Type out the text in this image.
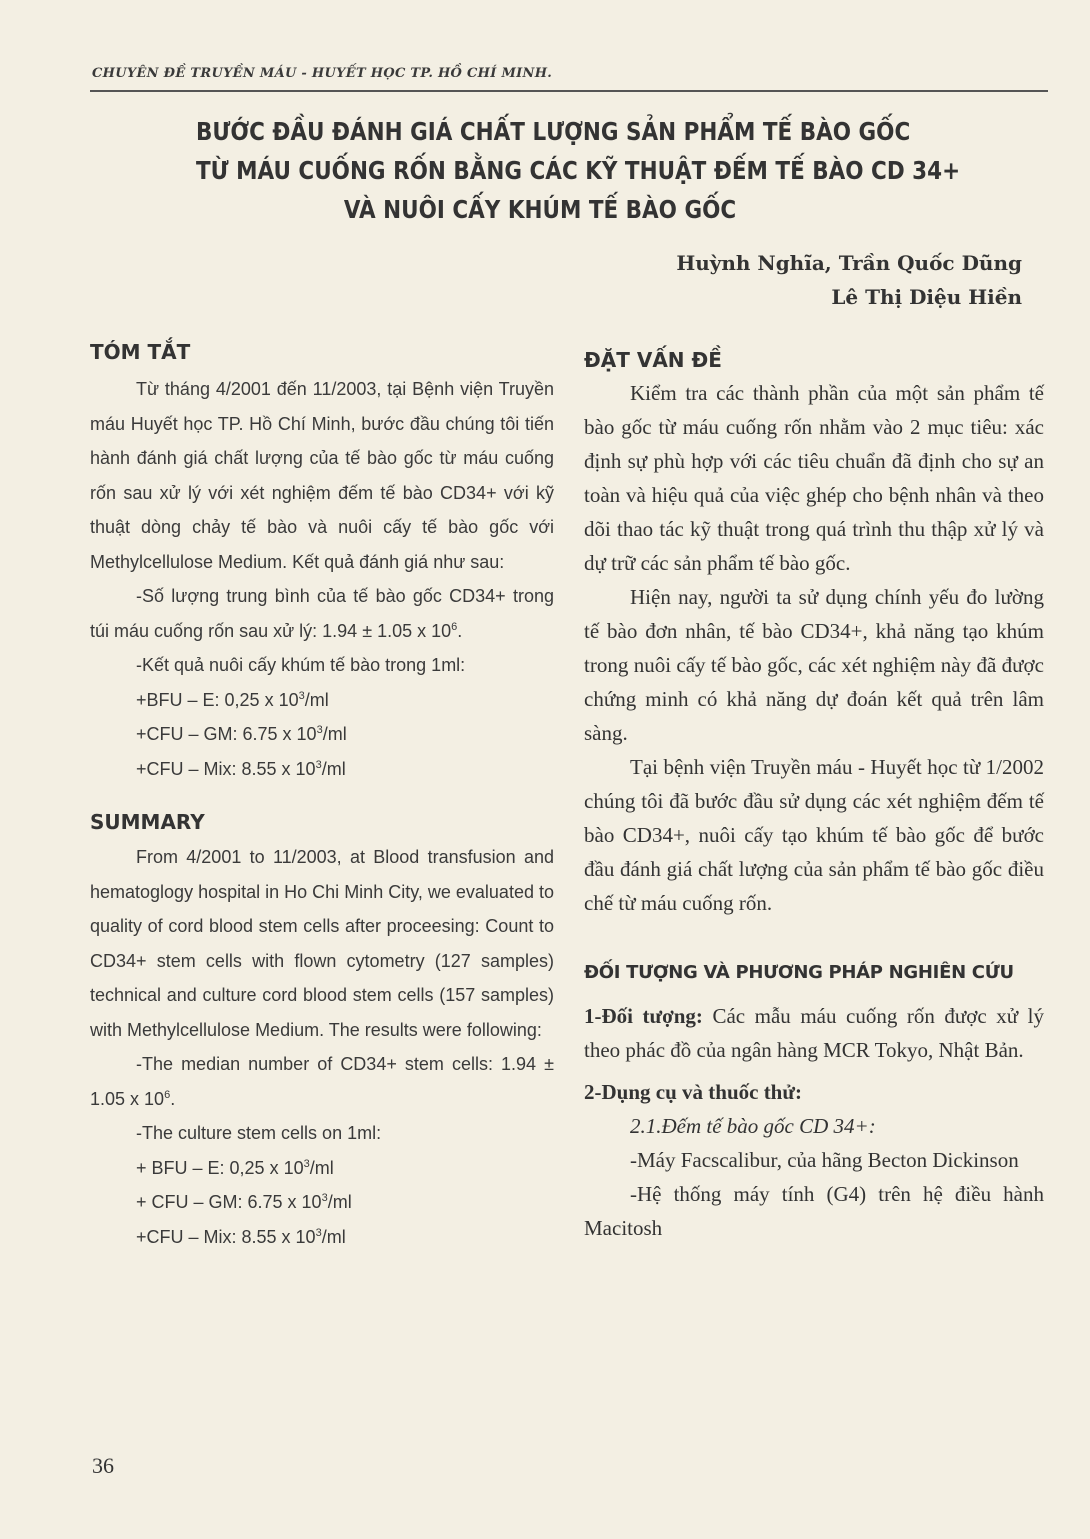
CHUYÊN ĐỀ TRUYỀN MÁU - HUYẾT HỌC TP. HỒ CHÍ MINH.
BƯỚC ĐẦU ĐÁNH GIÁ CHẤT LƯỢNG SẢN PHẨM TẾ BÀO GỐC
TỪ MÁU CUỐNG RỐN BẰNG CÁC KỸ THUẬT ĐẾM TẾ BÀO CD 34+
VÀ NUÔI CẤY KHÚM TẾ BÀO GỐC
Huỳnh Nghĩa, Trần Quốc Dũng
Lê Thị Diệu Hiền
TÓM TẮT

Từ tháng 4/2001 đến 11/2003, tại Bệnh viện Truyền máu Huyết học TP. Hồ Chí Minh, bước đầu chúng tôi tiến hành đánh giá chất lượng của tế bào gốc từ máu cuống rốn sau xử lý với xét nghiệm đếm tế bào CD34+ với kỹ thuật dòng chảy tế bào và nuôi cấy tế bào gốc với Methylcellulose Medium. Kết quả đánh giá như sau:

-Số lượng trung bình của tế bào gốc CD34+ trong túi máu cuống rốn sau xử lý: 1.94 ± 1.05 x $10^6$.

-Kết quả nuôi cấy khúm tế bào trong 1ml:

+BFU – E: 0,25 x $10^3/ml$

+CFU – GM: 6.75 x $10^3/ml$

+CFU – Mix: 8.55 x $10^3/ml$

SUMMARY

From 4/2001 to 11/2003, at Blood transfusion and hematoglogy hospital in Ho Chi Minh City, we evaluated to quality of cord blood stem cells after proceesing: Count to CD34+ stem cells with flown cytometry (127 samples) technical and culture cord blood stem cells (157 samples) with Methylcellulose Medium. The results were following:

-The median number of CD34+ stem cells: 1.94 ± 1.05 x $10^6$.

-The culture stem cells on 1ml:

+ BFU – E: 0,25 x $10^3/ml$

+ CFU – GM: 6.75 x $10^3/ml$

+CFU – Mix: 8.55 x $10^3/ml$

ĐẶT VẤN ĐỀ

Kiểm tra các thành phần của một sản phẩm tế bào gốc từ máu cuống rốn nhằm vào 2 mục tiêu: xác định sự phù hợp với các tiêu chuẩn đã định cho sự an toàn và hiệu quả của việc ghép cho bệnh nhân và theo dõi thao tác kỹ thuật trong quá trình thu thập xử lý và dự trữ các sản phẩm tế bào gốc.

Hiện nay, người ta sử dụng chính yếu đo lường tế bào đơn nhân, tế bào CD34+, khả năng tạo khúm trong nuôi cấy tế bào gốc, các xét nghiệm này đã được chứng minh có khả năng dự đoán kết quả trên lâm sàng.

Tại bệnh viện Truyền máu - Huyết học từ 1/2002 chúng tôi đã bước đầu sử dụng các xét nghiệm đếm tế bào CD34+, nuôi cấy tạo khúm tế bào gốc để bước đầu đánh giá chất lượng của sản phẩm tế bào gốc điều chế từ máu cuống rốn.

ĐỐI TƯỢNG VÀ PHƯƠNG PHÁP NGHIÊN CỨU

1-Đối tượng: Các mẫu máu cuống rốn được xử lý theo phác đồ của ngân hàng MCR Tokyo, Nhật Bản.

2-Dụng cụ và thuốc thử:

2.1.Đếm tế bào gốc CD 34+:

-Máy Facscalibur, của hãng Becton Dickinson

-Hệ thống máy tính (G4) trên hệ điều hành Macitosh

36
